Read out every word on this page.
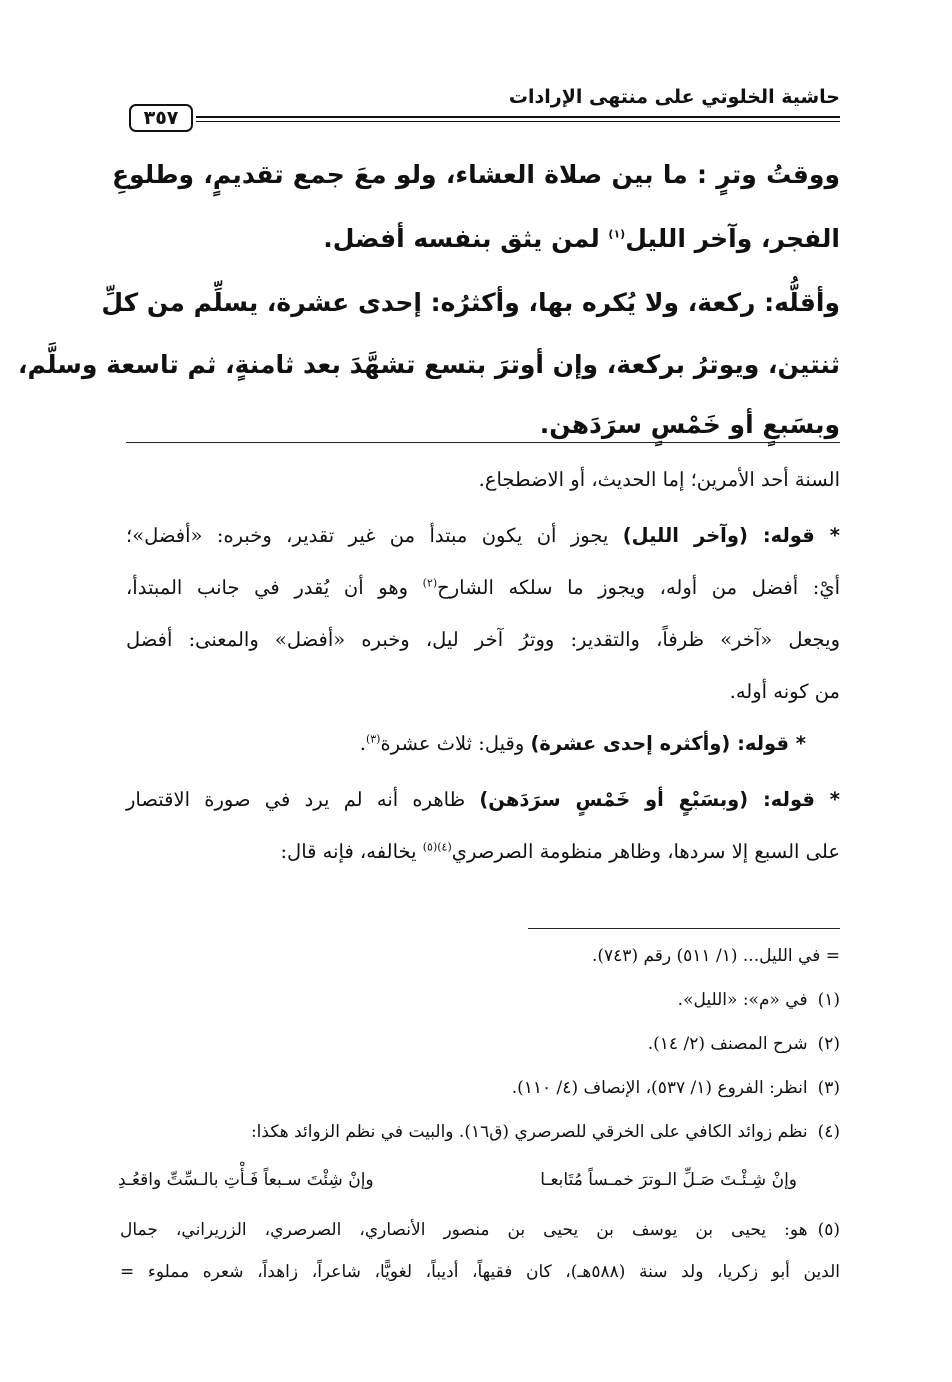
حاشية الخلوتي على منتهى الإرادات
٣٥٧
ووقتُ وترٍ : ما بين صلاة العشاء، ولو معَ جمع تقديمٍ، وطلوعِ
الفجر، وآخر الليل$^{(١)}$ لمن يثق بنفسه أفضل.
وأقلُّه: ركعة، ولا يُكره بها، وأكثرُه: إحدى عشرة، يسلِّم من كلِّ
ثنتين، ويوترُ بركعة، وإن أوترَ بتسع تشهَّدَ بعد ثامنةٍ، ثم تاسعة وسلَّم،
وبسَبعٍ أو خَمْسٍ سرَدَهن.
السنة أحد الأمرين؛ إما الحديث، أو الاضطجاع.
* قوله: (وآخر الليل) يجوز أن يكون مبتدأ من غير تقدير، وخبره: «أفضل»؛
أيْ: أفضل من أوله، ويجوز ما سلكه الشارح$^{(٢)}$ وهو أن يُقدر في جانب المبتدأ،
ويجعل «آخر» ظرفاً، والتقدير: ووترُ آخر ليل، وخبره «أفضل» والمعنى: أفضل
من كونه أوله.
* قوله: (وأكثره إحدى عشرة) وقيل: ثلاث عشرة$^{(٣)}$.
* قوله: (وبسَبْعٍ أو خَمْسٍ سرَدَهن) ظاهره أنه لم يرد في صورة الاقتصار
على السبع إلا سردها، وظاهر منظومة الصرصري$^{(٤)(٥)}$ يخالفه، فإنه قال:
= في الليل... (١/ ٥١١) رقم (٧٤٣).
(١)في «م»: «الليل».
(٢)شرح المصنف (٢/ ١٤).
(٣)انظر: الفروع (١/ ٥٣٧)، الإنصاف (٤/ ١١٠).
(٤)نظم زوائد الكافي على الخرقي للصرصري (ق١٦). والبيت في نظم الزوائد هكذا:
وإنْ شِـئْـتَ صَـلِّ الـوترَ خمـساً مُتَابعـا
وإنْ شِئْتَ سـبعاً فَـأْتِ بالـسِّتِّ واقعُـدِ
(٥)هو: يحيى بن يوسف بن يحيى بن منصور الأنصاري، الصرصري، الزريراني، جمال
الدين أبو زكريا، ولد سنة (٥٨٨هـ)، كان فقيهاً، أديباً، لغويًّا، شاعراً، زاهداً، شعره مملوء =
